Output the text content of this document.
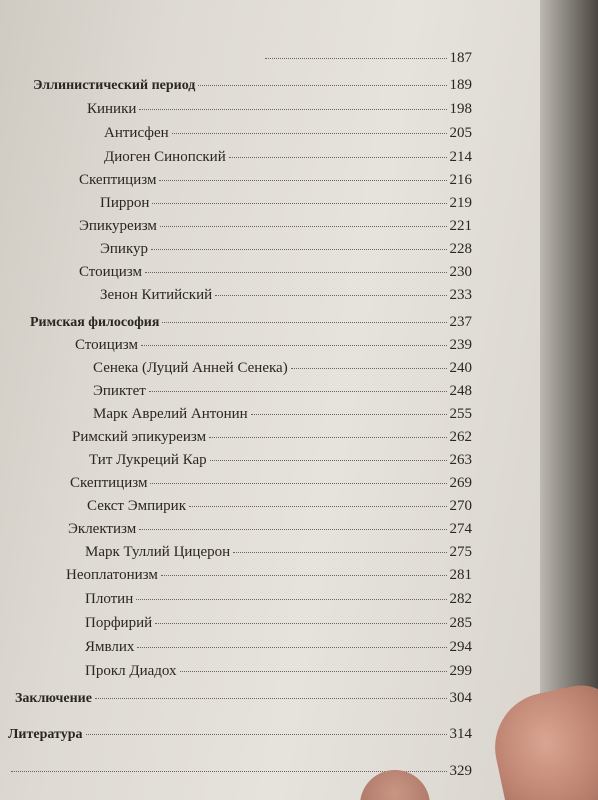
187
Эллинистический период	189
Киники	198
Антисфен	205
Диоген Синопский	214
Скептицизм	216
Пиррон	219
Эпикуреизм	221
Эпикур	228
Стоицизм	230
Зенон Китийский	233
Римская философия	237
Стоицизм	239
Сенека (Луций Анней Сенека)	240
Эпиктет	248
Марк Аврелий Антонин	255
Римский эпикуреизм	262
Тит Лукреций Кар	263
Скептицизм	269
Секст Эмпирик	270
Эклектизм	274
Марк Туллий Цицерон	275
Неоплатонизм	281
Плотин	282
Порфирий	285
Ямвлих	294
Прокл Диадох	299
Заключение	304
Литература	314
329
